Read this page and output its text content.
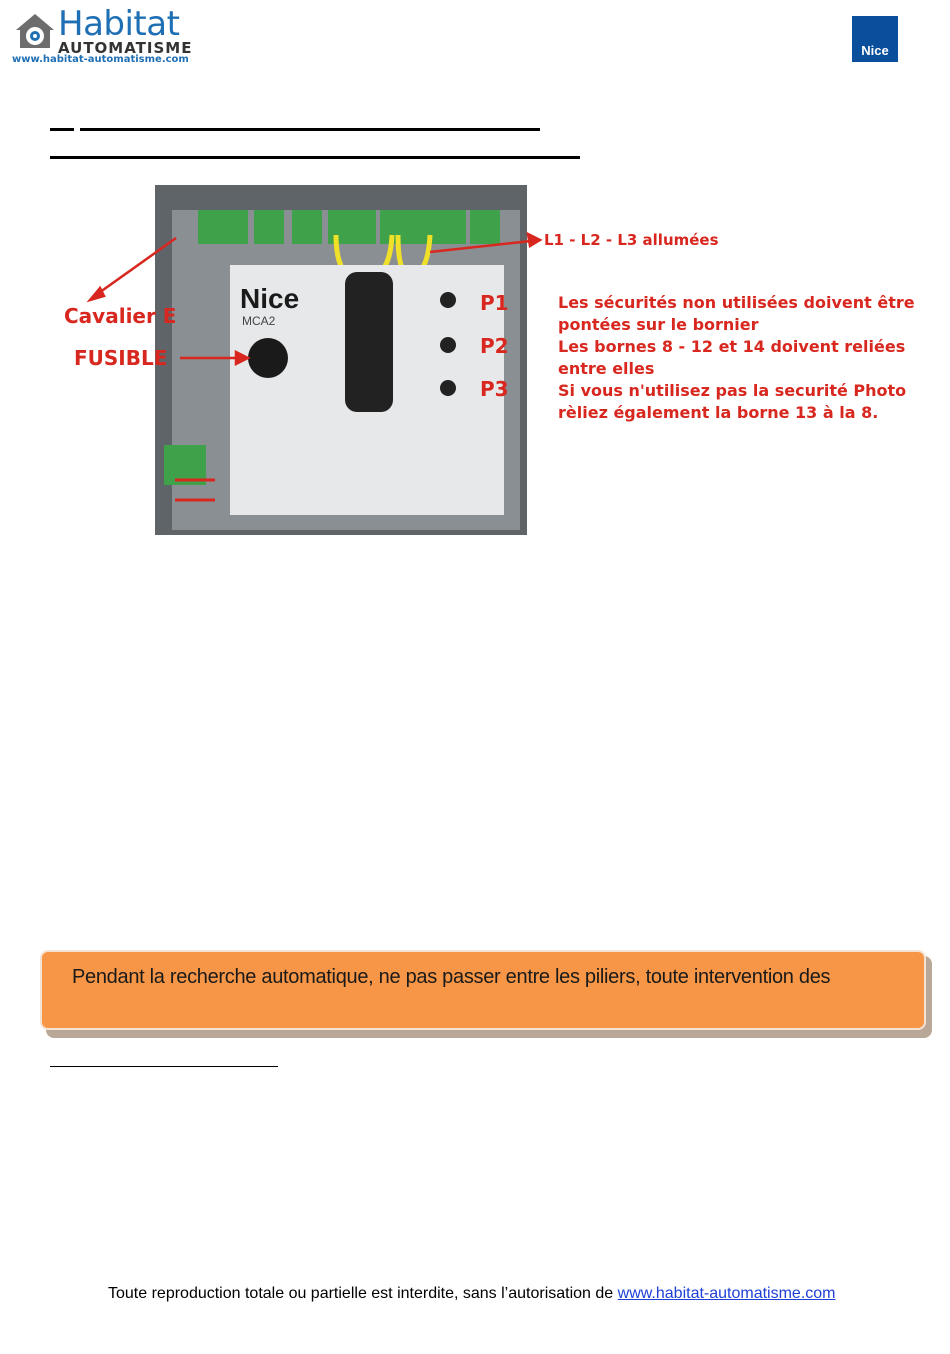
Habitat
AUTOMATISME
www.habitat-automatisme.com
Nice
Nice
MCA2
P1
P2
P3
Cavalier E
FUSIBLE
L1 - L2 - L3 allumées
Les sécurités non utilisées doivent être
pontées sur le bornier
Les bornes 8 - 12 et 14 doivent reliées
entre elles
Si vous n'utilisez pas la securité Photo
rèliez également la borne 13 à la 8.
Pendant la recherche automatique, ne pas passer entre les piliers, toute intervention des
Toute reproduction totale ou partielle est interdite, sans l’autorisation de www.habitat-automatisme.com
